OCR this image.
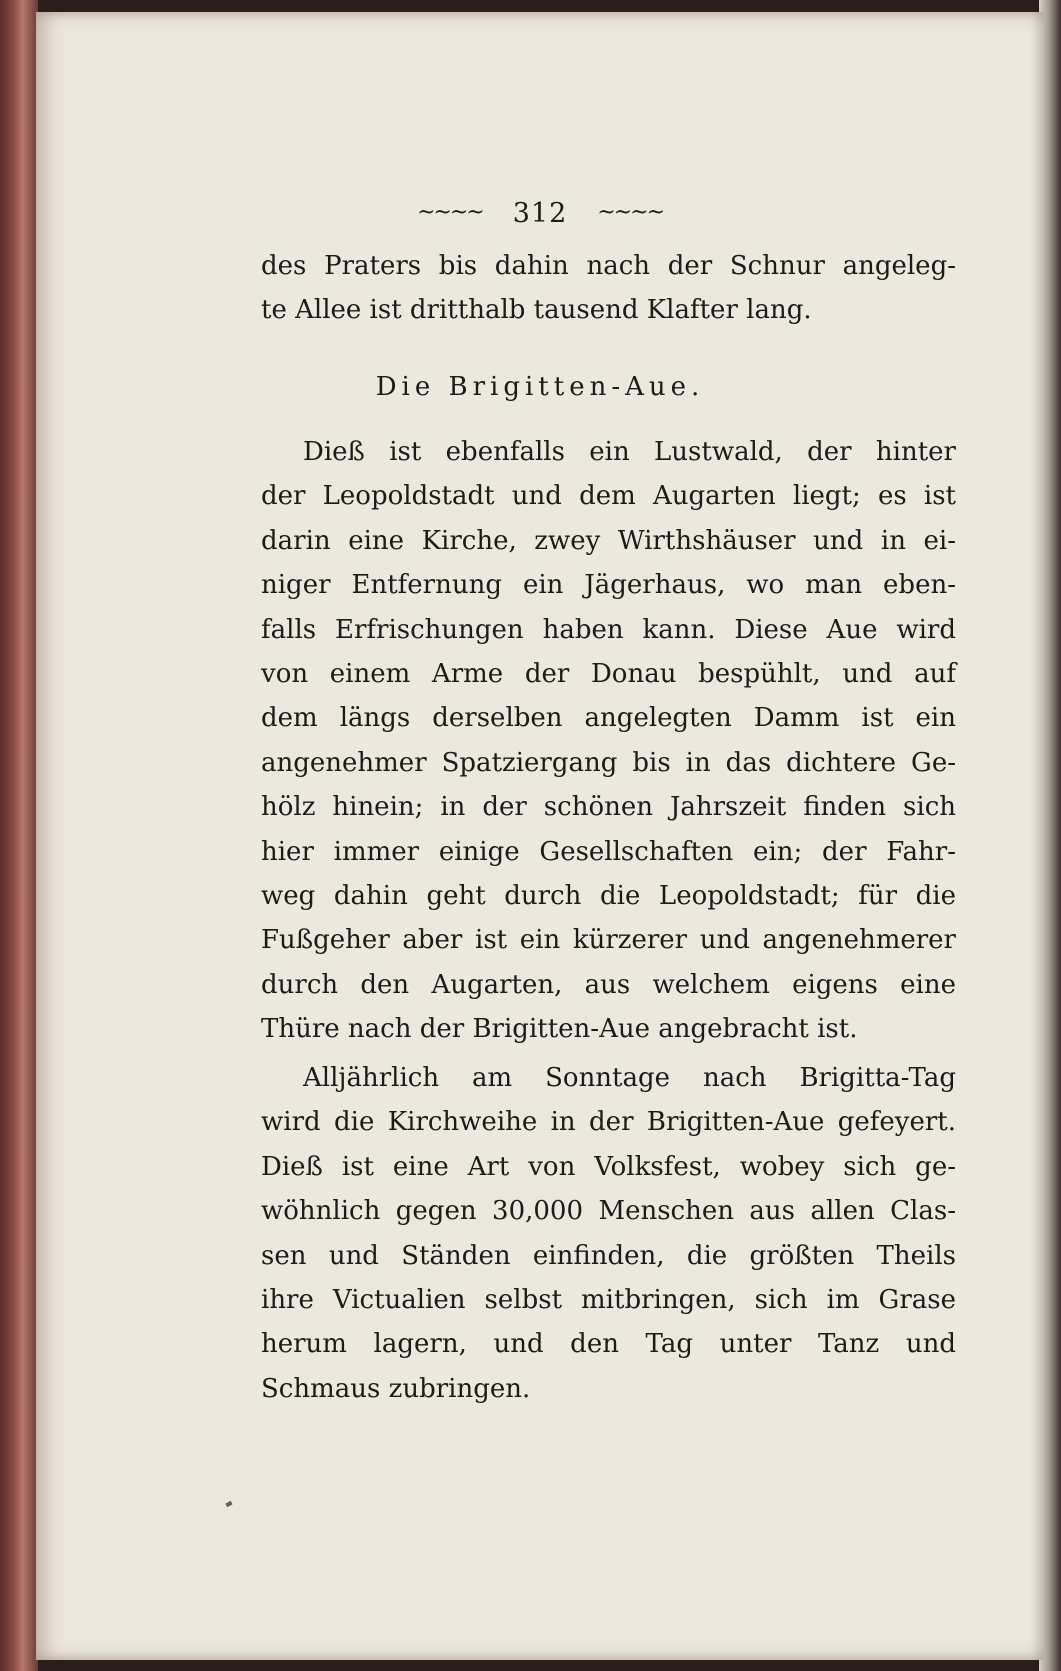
~~~~ 312 ~~~~
des Praters bis dahin nach der Schnur angeleg-
te Allee ist dritthalb tausend Klafter lang.
Die Brigitten-Aue.
Dieß ist ebenfalls ein Lustwald, der hinter
der Leopoldstadt und dem Augarten liegt; es ist
darin eine Kirche, zwey Wirthshäuser und in ei-
niger Entfernung ein Jägerhaus, wo man eben-
falls Erfrischungen haben kann. Diese Aue wird
von einem Arme der Donau bespühlt, und auf
dem längs derselben angelegten Damm ist ein
angenehmer Spatziergang bis in das dichtere Ge-
hölz hinein; in der schönen Jahrszeit finden sich
hier immer einige Gesellschaften ein; der Fahr-
weg dahin geht durch die Leopoldstadt; für die
Fußgeher aber ist ein kürzerer und angenehmerer
durch den Augarten, aus welchem eigens eine
Thüre nach der Brigitten-Aue angebracht ist.
Alljährlich am Sonntage nach Brigitta-Tag
wird die Kirchweihe in der Brigitten-Aue gefeyert.
Dieß ist eine Art von Volksfest, wobey sich ge-
wöhnlich gegen 30,000 Menschen aus allen Clas-
sen und Ständen einfinden, die größten Theils
ihre Victualien selbst mitbringen, sich im Grase
herum lagern, und den Tag unter Tanz und
Schmaus zubringen.
